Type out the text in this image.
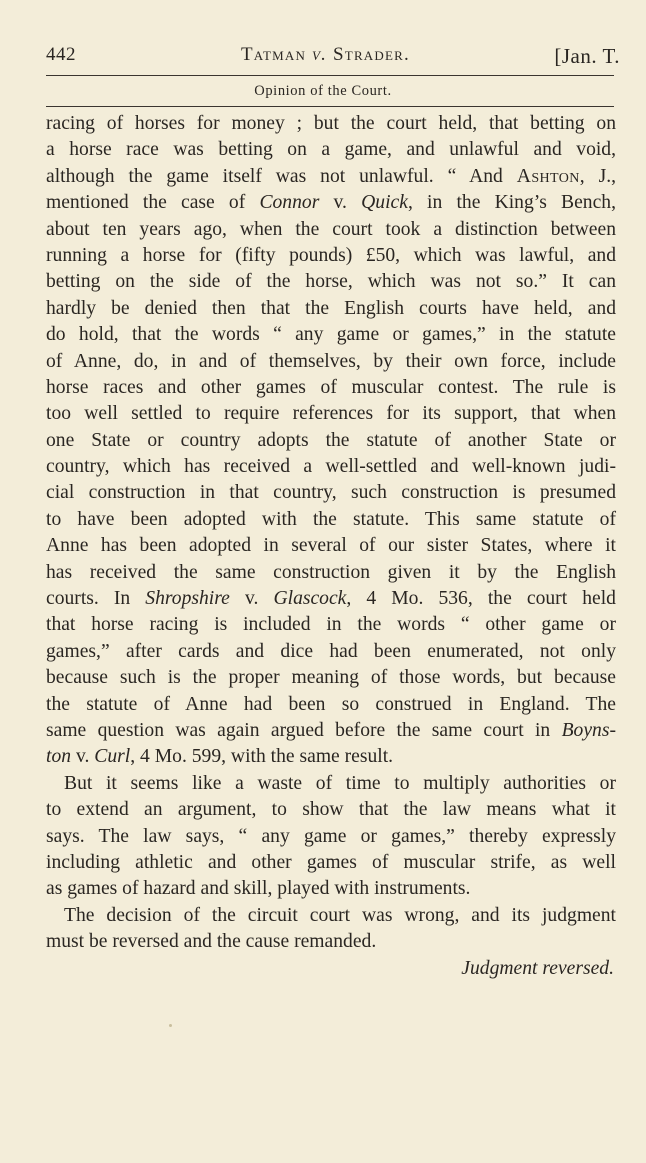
442	Tatman v. Strader.	[Jan. T.
Opinion of the Court.
racing of horses for money ; but the court held, that betting on
a horse race was betting on a game, and unlawful and void,
although the game itself was not unlawful. “ And Ashton, J.,
mentioned the case of Connor v. Quick, in the King’s Bench,
about ten years ago, when the court took a distinction between
running a horse for (fifty pounds) £50, which was lawful, and
betting on the side of the horse, which was not so.” It can
hardly be denied then that the English courts have held, and
do hold, that the words “ any game or games,” in the statute
of Anne, do, in and of themselves, by their own force, include
horse races and other games of muscular contest. The rule is
too well settled to require references for its support, that when
one State or country adopts the statute of another State or
country, which has received a well-settled and well-known judi-
cial construction in that country, such construction is presumed
to have been adopted with the statute. This same statute of
Anne has been adopted in several of our sister States, where it
has received the same construction given it by the English
courts. In Shropshire v. Glascock, 4 Mo. 536, the court held
that horse racing is included in the words “ other game or
games,” after cards and dice had been enumerated, not only
because such is the proper meaning of those words, but because
the statute of Anne had been so construed in England. The
same question was again argued before the same court in Boyns-
ton v. Curl, 4 Mo. 599, with the same result.
But it seems like a waste of time to multiply authorities or
to extend an argument, to show that the law means what it
says. The law says, “ any game or games,” thereby expressly
including athletic and other games of muscular strife, as well
as games of hazard and skill, played with instruments.
The decision of the circuit court was wrong, and its judgment
must be reversed and the cause remanded.
Judgment reversed.
